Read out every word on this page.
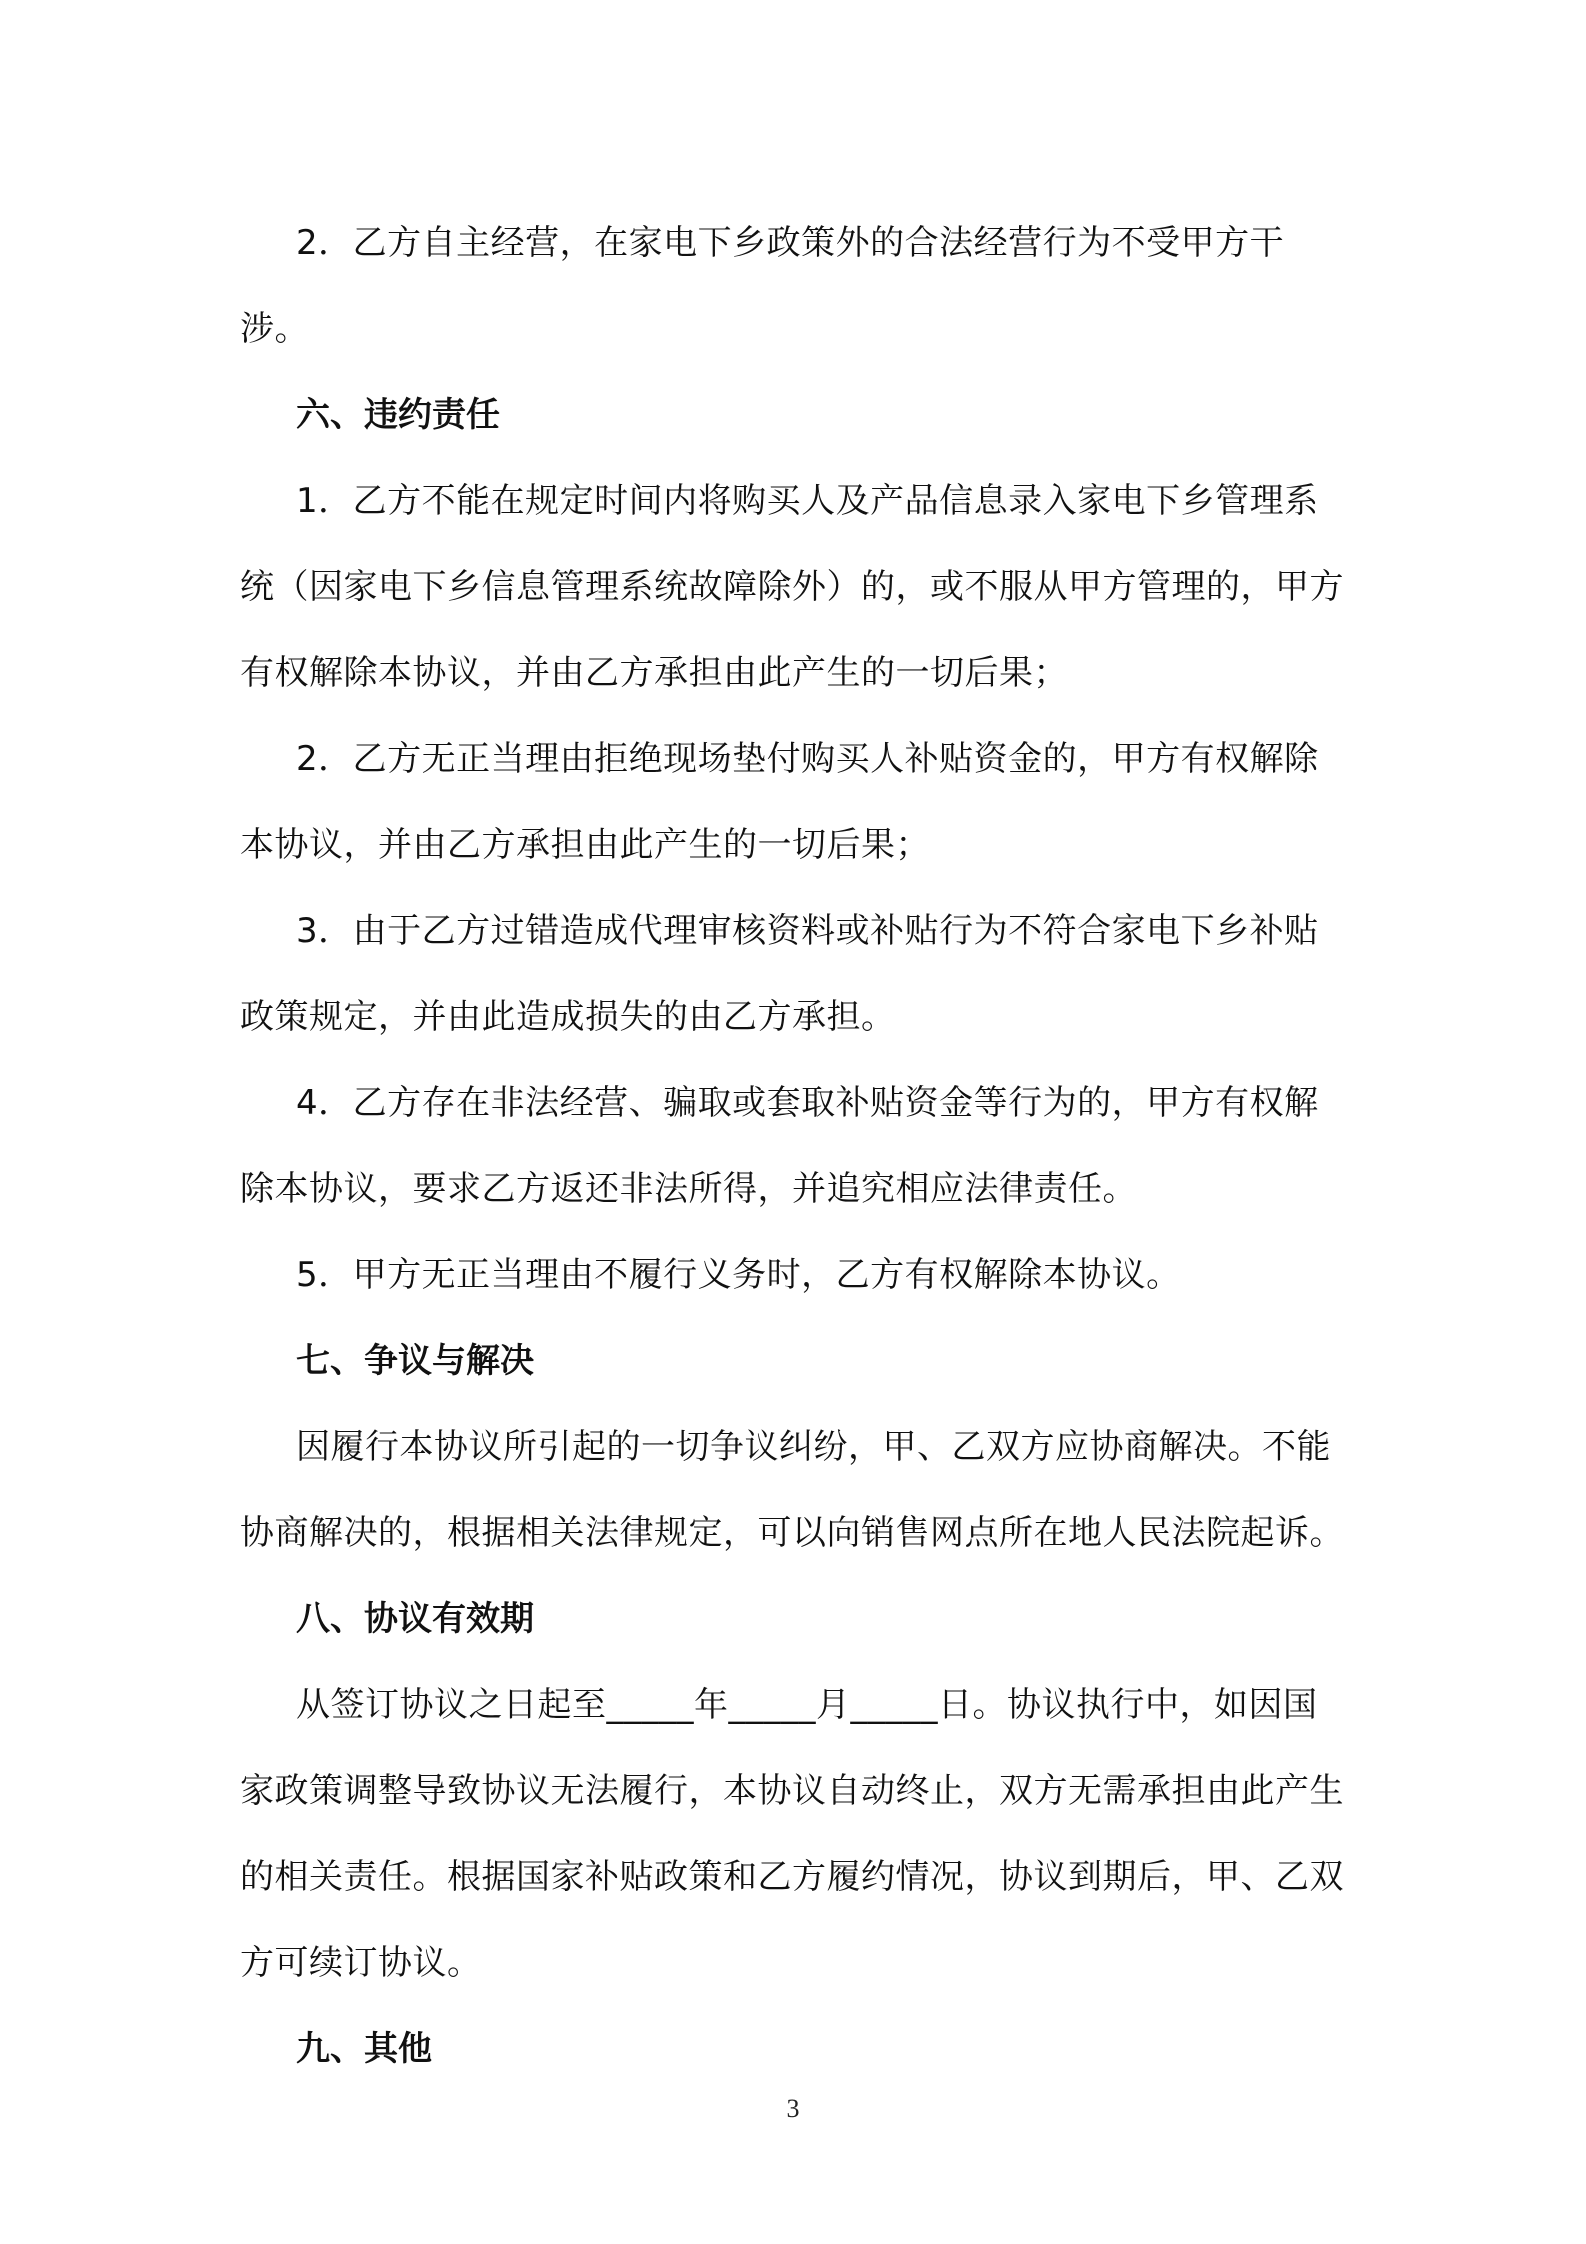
2．乙方自主经营，在家电下乡政策外的合法经营行为不受甲方干涉。

六、违约责任

1．乙方不能在规定时间内将购买人及产品信息录入家电下乡管理系统（因家电下乡信息管理系统故障除外）的，或不服从甲方管理的，甲方有权解除本协议，并由乙方承担由此产生的一切后果；

2．乙方无正当理由拒绝现场垫付购买人补贴资金的，甲方有权解除本协议，并由乙方承担由此产生的一切后果；

3．由于乙方过错造成代理审核资料或补贴行为不符合家电下乡补贴政策规定，并由此造成损失的由乙方承担。

4．乙方存在非法经营、骗取或套取补贴资金等行为的，甲方有权解除本协议，要求乙方返还非法所得，并追究相应法律责任。

5．甲方无正当理由不履行义务时，乙方有权解除本协议。

七、争议与解决

因履行本协议所引起的一切争议纠纷，甲、乙双方应协商解决。不能协商解决的，根据相关法律规定，可以向销售网点所在地人民法院起诉。

八、协议有效期

从签订协议之日起至_____年_____月_____日。协议执行中，如因国家政策调整导致协议无法履行，本协议自动终止，双方无需承担由此产生的相关责任。根据国家补贴政策和乙方履约情况，协议到期后，甲、乙双方可续订协议。

九、其他

3
